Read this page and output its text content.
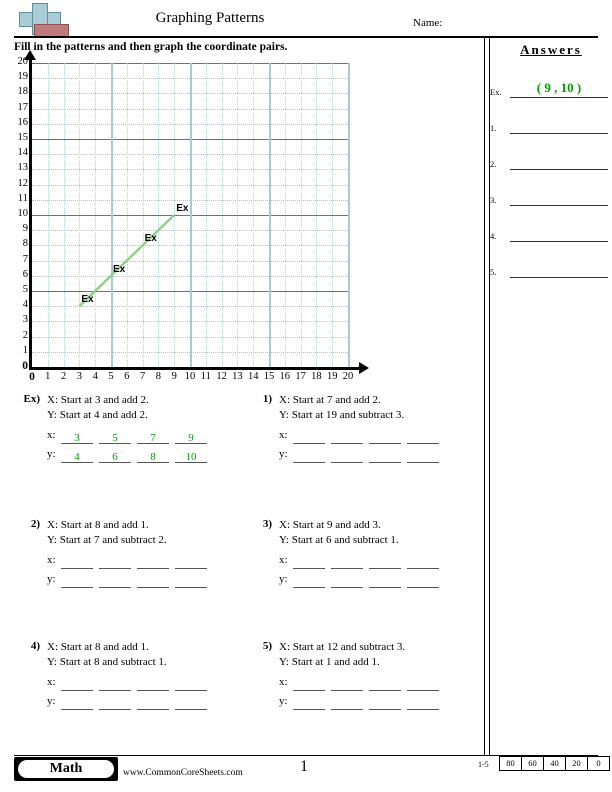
Graphing Patterns	Name:
Fill in the patterns and then graph the coordinate pairs.	Answers
Ex.	( 9 , 10 )
1.
2.
3.
4.
5.
0
1
2
3
4
5
6
7
8
9
10
11
12
13
14
15
16
17
18
19
20
0 1	2	3	4	5	6	7	8	9 10 11 12 13 14 15 16 17 18 19 20
Ex
Ex
Ex
Ex
Ex) X: Start at 3 and add 2.
Y: Start at 4 and add 2.
x:	3	5	7	9
y:	4	6	8	10
1) X: Start at 7 and add 2.
Y: Start at 19 and subtract 3.
x:
y:
2) X: Start at 8 and add 1.
Y: Start at 7 and subtract 2.
x:
y:
3) X: Start at 9 and add 3.
Y: Start at 6 and subtract 1.
x:
y:
4) X: Start at 8 and add 1.
Y: Start at 8 and subtract 1.
x:
y:
5) X: Start at 12 and subtract 3.
Y: Start at 1 and add 1.
x:
y:
Math	www.CommonCoreSheets.com	1	1-5	80	60	40	20	0
